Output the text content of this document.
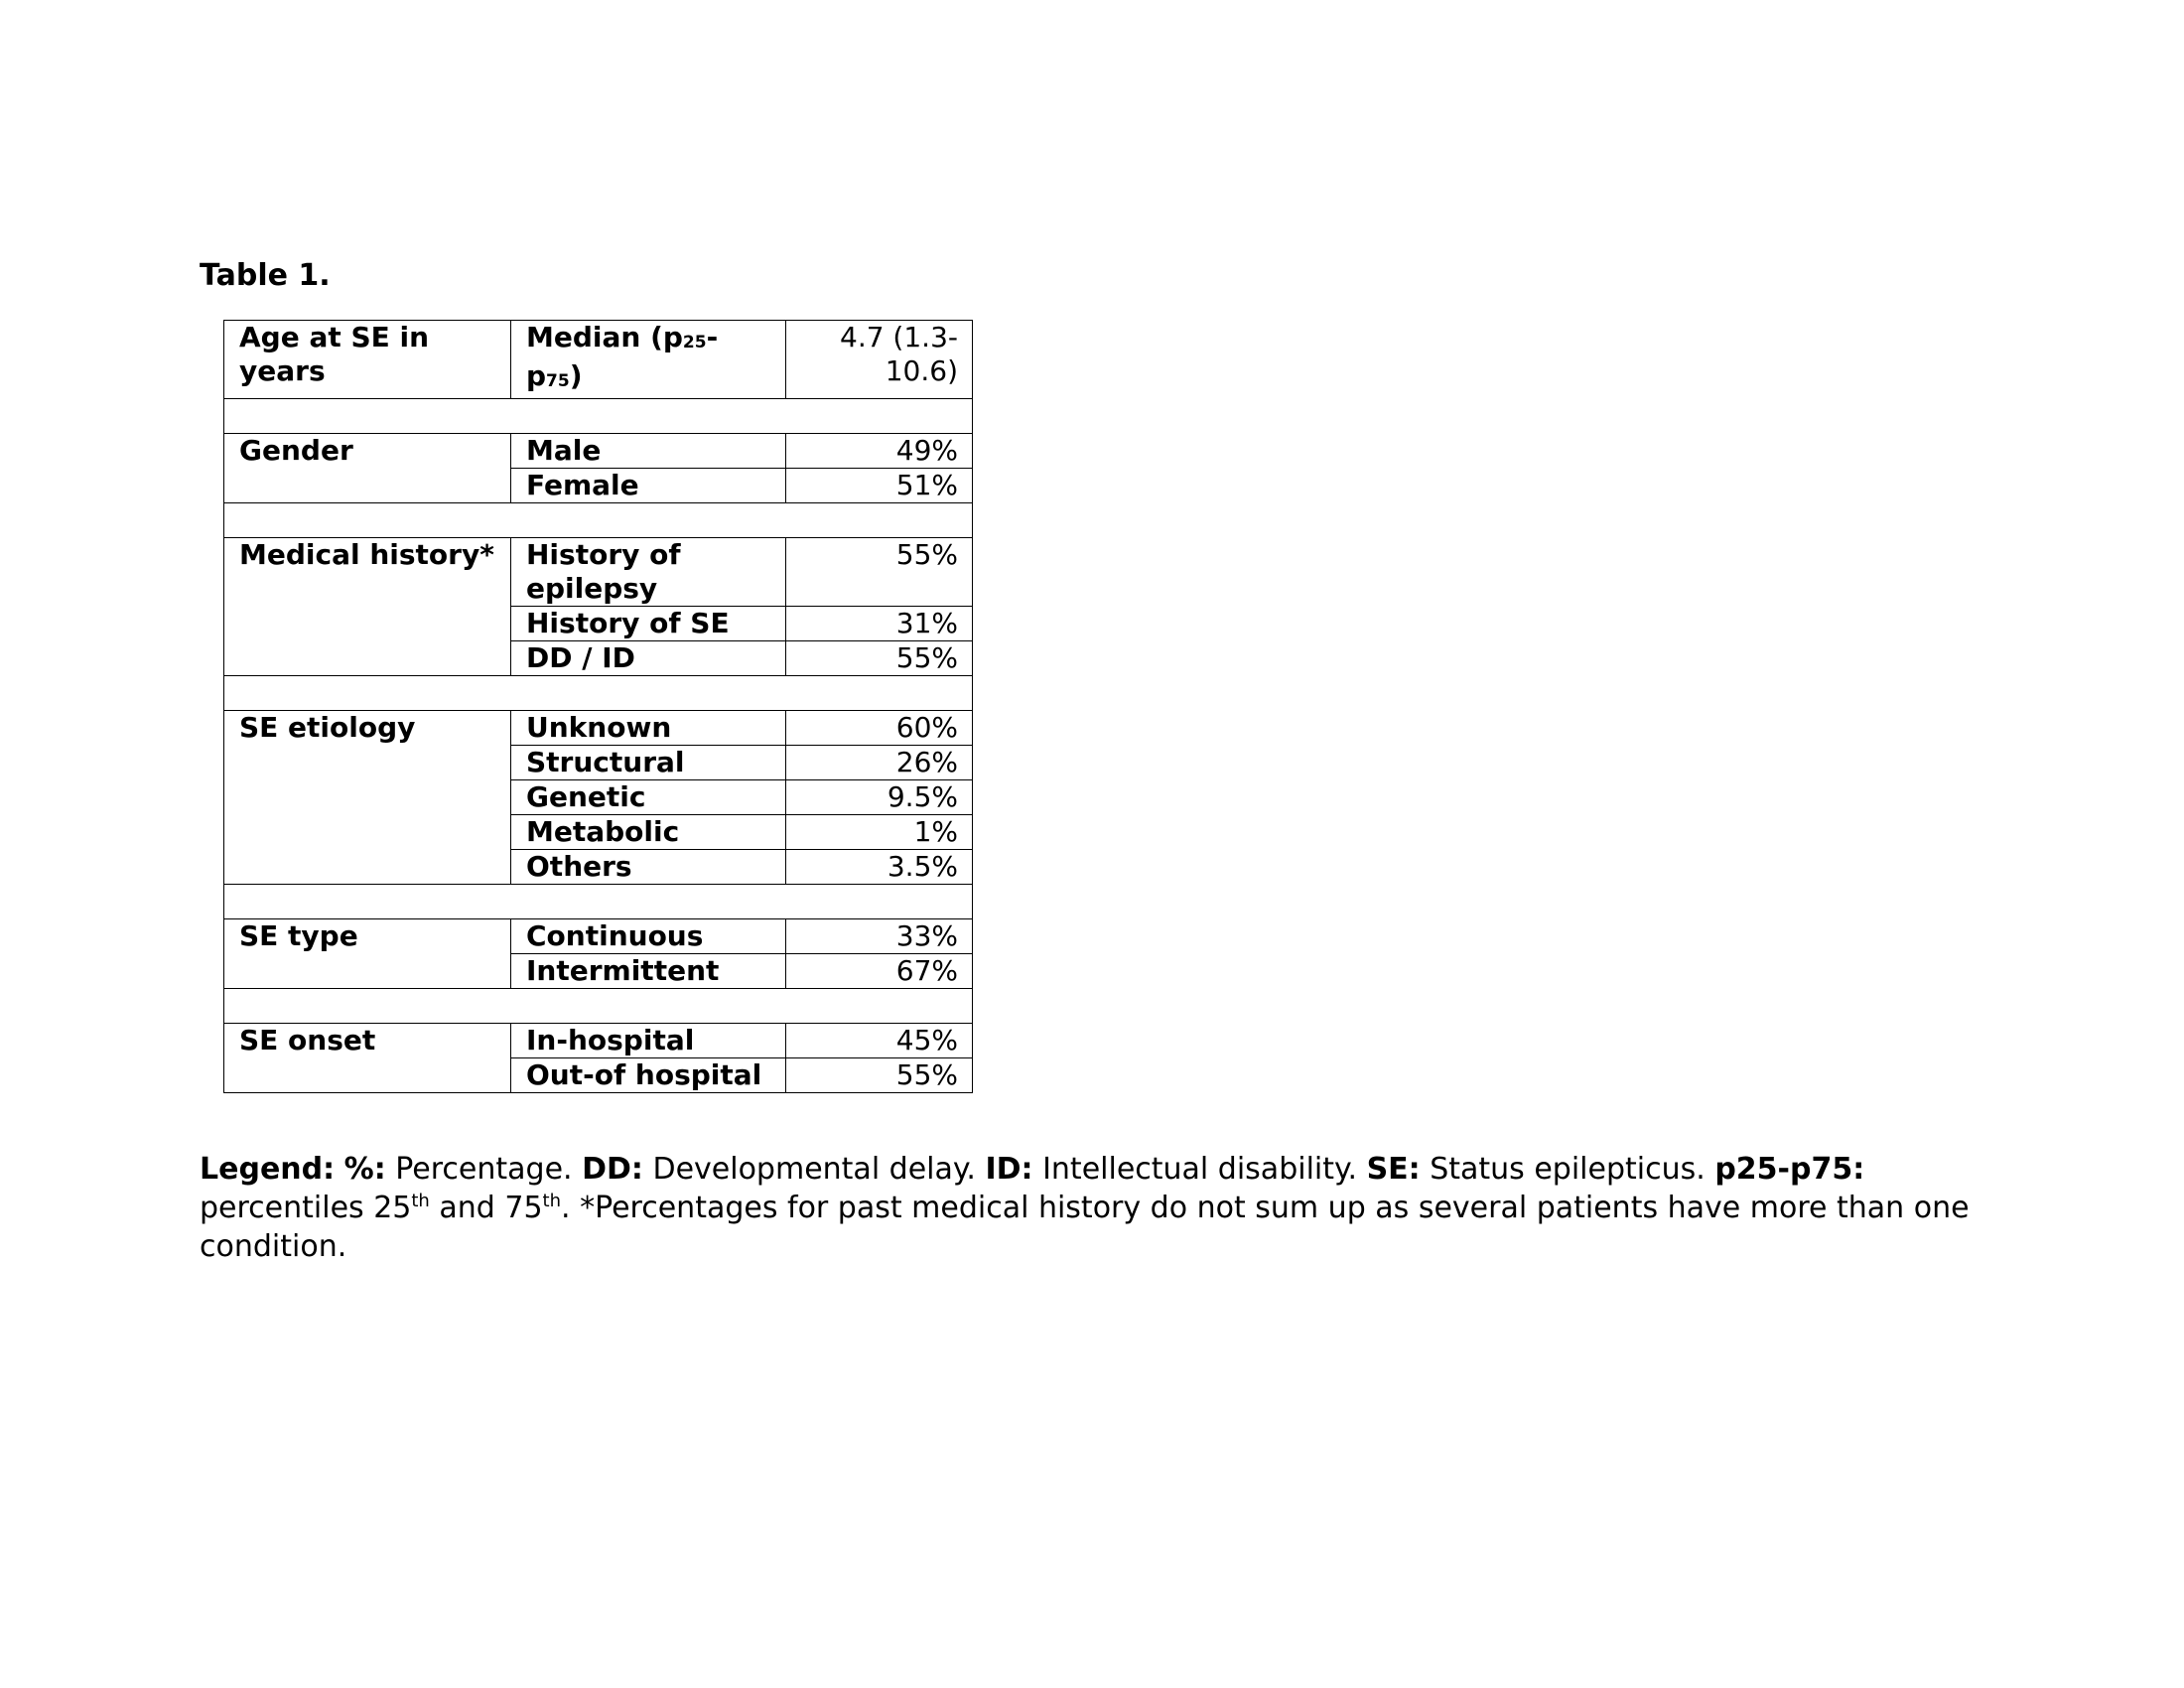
Table 1.
Age at SE in years	Median (p25-p75)	4.7 (1.3-10.6)

Gender	Male	49%
	Female	51%

Medical history*	History of epilepsy	55%
	History of SE	31%
	DD / ID	55%

SE etiology	Unknown	60%
	Structural	26%
	Genetic	9.5%
	Metabolic	1%
	Others	3.5%

SE type	Continuous	33%
	Intermittent	67%

SE onset	In-hospital	45%
	Out-of hospital	55%

Legend: %: Percentage. DD: Developmental delay. ID: Intellectual disability. SE: Status epilepticus. p25-p75: percentiles 25th and 75th. *Percentages for past medical history do not sum up as several patients have more than one condition.
